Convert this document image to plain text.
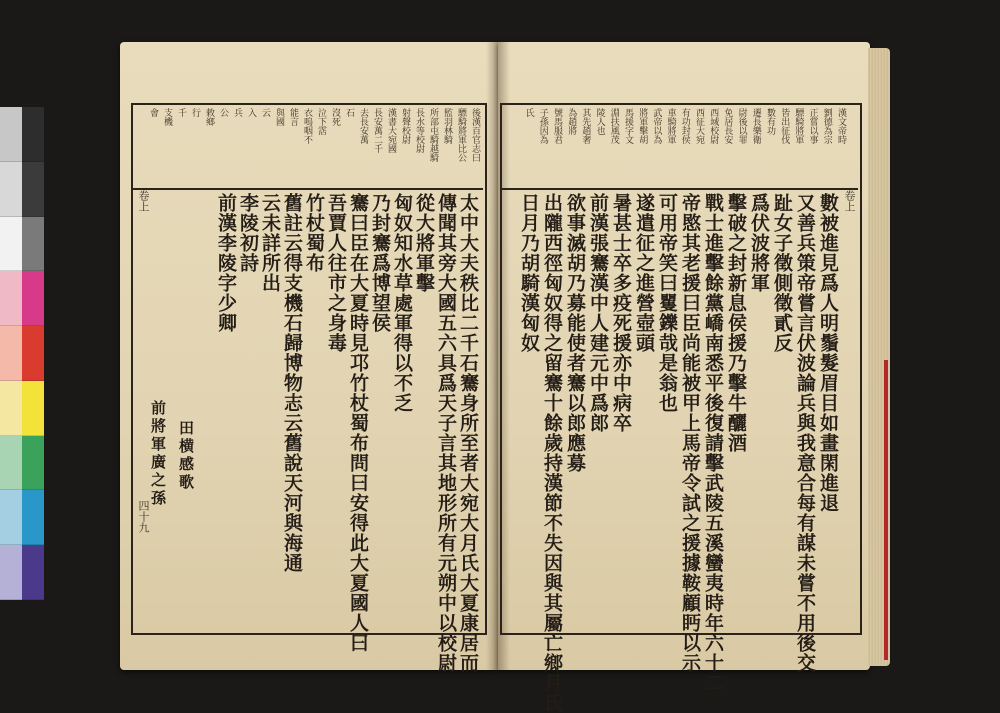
漢文帝時
劉德為宗
正嘗以事
驃騎將軍
皆出征伐
數有功
遷長樂衛
尉後以罪
免居長安
西域校尉
西征大宛
有功封侯
車騎將軍
武帝以為
將軍擊胡
馬援字文
淵扶風茂
陵人也
其先趙奢
為趙將
號馬服君
子孫因為
氏
數被進見爲人明鬚髮眉目如畫閑進退
又善兵策帝嘗言伏波論兵與我意合每有謀未嘗不用後交
趾女子徵側徵貳反
爲伏波將軍
擊破之封新息侯援乃擊牛釃酒
戰士進擊餘黨嶠南悉平後復請擊武陵五溪蠻夷時年六十二
帝愍其老援曰臣尚能被甲上馬帝令試之援據鞍顧眄以示
可用帝笑曰矍鑠哉是翁也
遂遣征之進營壺頭
暑甚士卒多疫死援亦中病卒
前漢張騫漢中人建元中爲郎
欲事滅胡乃募能使者騫以郎應募
出隴西徑匈奴得之留騫十餘歲持漢節不失因與其屬亡鄉月氏
日月乃胡騎漢匈奴
後漢百官志曰
驃騎將軍比公
監羽林騎
所部屯騎越騎
長水等校尉
射聲校尉
漢書大宛國
長安萬二千
去長安萬
石
沒死
泣下霑
衣嗚咽不
能言
與國
云
入
兵
公
敕鄉
行
千
支機
會
太中大夫秩比二千石騫身所至者大宛大月氏大夏康居而
傳聞其旁大國五六具爲天子言其地形所有元朔中以校尉
從大將軍擊
匈奴知水草處軍得以不乏
乃封騫爲博望侯
騫曰臣在大夏時見邛竹杖蜀布問曰安得此大夏國人曰
吾賈人往市之身毒
竹杖蜀布
舊註云得支機石歸博物志云舊說天河與海通
云未詳所出
李陵初詩
前漢李陵字少卿
田横感歌
前將軍廣之孫
卷上	卷上
四十九
